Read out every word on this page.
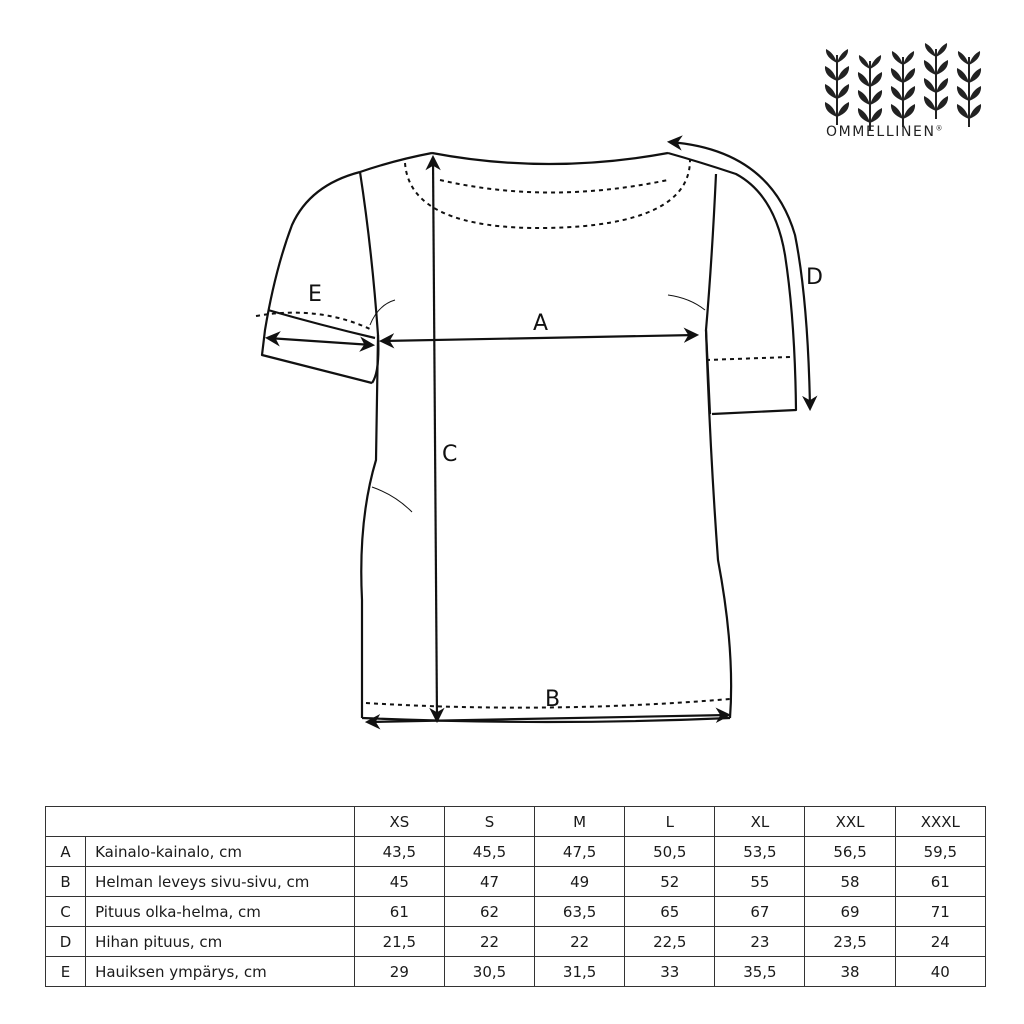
A
B
C
D
E
OMMELLINEN®
		XS	S	M	L	XL	XXL	XXXL
A	Kainalo-kainalo, cm	43,5	45,5	47,5	50,5	53,5	56,5	59,5
B	Helman leveys sivu-sivu, cm	45	47	49	52	55	58	61
C	Pituus olka-helma, cm	61	62	63,5	65	67	69	71
D	Hihan pituus, cm	21,5	22	22	22,5	23	23,5	24
E	Hauiksen ympärys, cm	29	30,5	31,5	33	35,5	38	40
